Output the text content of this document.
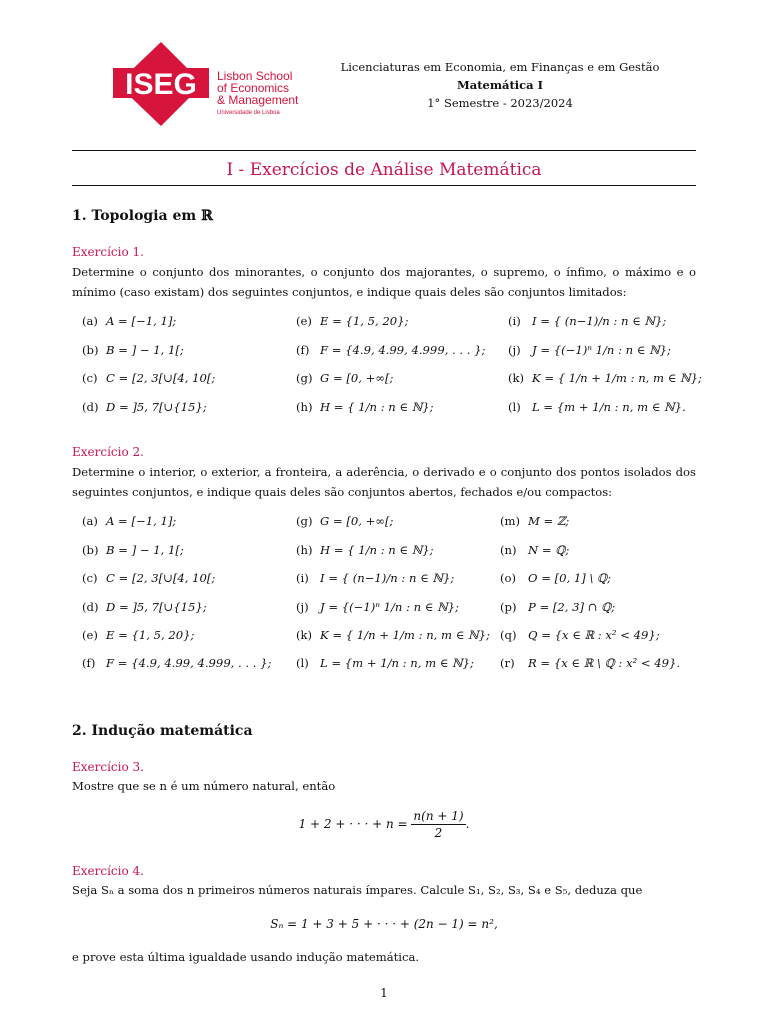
ISEG Lisbon School
of Economics
& Management
Universidade de Lisboa
Licenciaturas em Economia, em Finanças e em Gestão
Matemática I
1° Semestre - 2023/2024
I - Exercícios de Análise Matemática
1. Topologia em ℝ
Exercício 1.
Determine o conjunto dos minorantes, o conjunto dos majorantes, o supremo, o ínfimo, o máximo e o mínimo (caso existam) dos seguintes conjuntos, e indique quais deles são conjuntos limitados:
(a) A = [−1, 1];
(b) B = ] − 1, 1[;
(c) C = [2, 3[∪[4, 10[;
(d) D = ]5, 7[∪{15};
(e) E = {1, 5, 20};
(f) F = {4.9, 4.99, 4.999, . . . };
(g) G = [0, +∞[;
(h) H = { 1/n : n ∈ ℕ};
(i) I = { (n−1)/n : n ∈ ℕ};
(j) J = {(−1)ⁿ 1/n : n ∈ ℕ};
(k) K = { 1/n + 1/m : n, m ∈ ℕ};
(l) L = {m + 1/n : n, m ∈ ℕ}.
Exercício 2.
Determine o interior, o exterior, a fronteira, a aderência, o derivado e o conjunto dos pontos isolados dos seguintes conjuntos, e indique quais deles são conjuntos abertos, fechados e/ou compactos:
(a) A = [−1, 1];
(b) B = ] − 1, 1[;
(c) C = [2, 3[∪[4, 10[;
(d) D = ]5, 7[∪{15};
(e) E = {1, 5, 20};
(f) F = {4.9, 4.99, 4.999, . . . };
(g) G = [0, +∞[;
(h) H = { 1/n : n ∈ ℕ};
(i) I = { (n−1)/n : n ∈ ℕ};
(j) J = {(−1)ⁿ 1/n : n ∈ ℕ};
(k) K = { 1/n + 1/m : n, m ∈ ℕ};
(l) L = {m + 1/n : n, m ∈ ℕ};
(m) M = ℤ;
(n) N = ℚ;
(o) O = [0, 1] \ ℚ;
(p) P = [2, 3] ∩ ℚ;
(q) Q = {x ∈ ℝ : x² < 49};
(r) R = {x ∈ ℝ \ ℚ : x² < 49}.
2. Indução matemática
Exercício 3.
Mostre que se n é um número natural, então
1 + 2 + · · · + $n = \frac{n(n + 1)}{2}$ .
Exercício 4.
Seja Sₙ a soma dos n primeiros números naturais ímpares. Calcule S₁, S₂, S₃, S₄ e S₅, deduza que
Sₙ = 1 + 3 + 5 + · · · + (2n − 1) = n²,
e prove esta última igualdade usando indução matemática.
1
